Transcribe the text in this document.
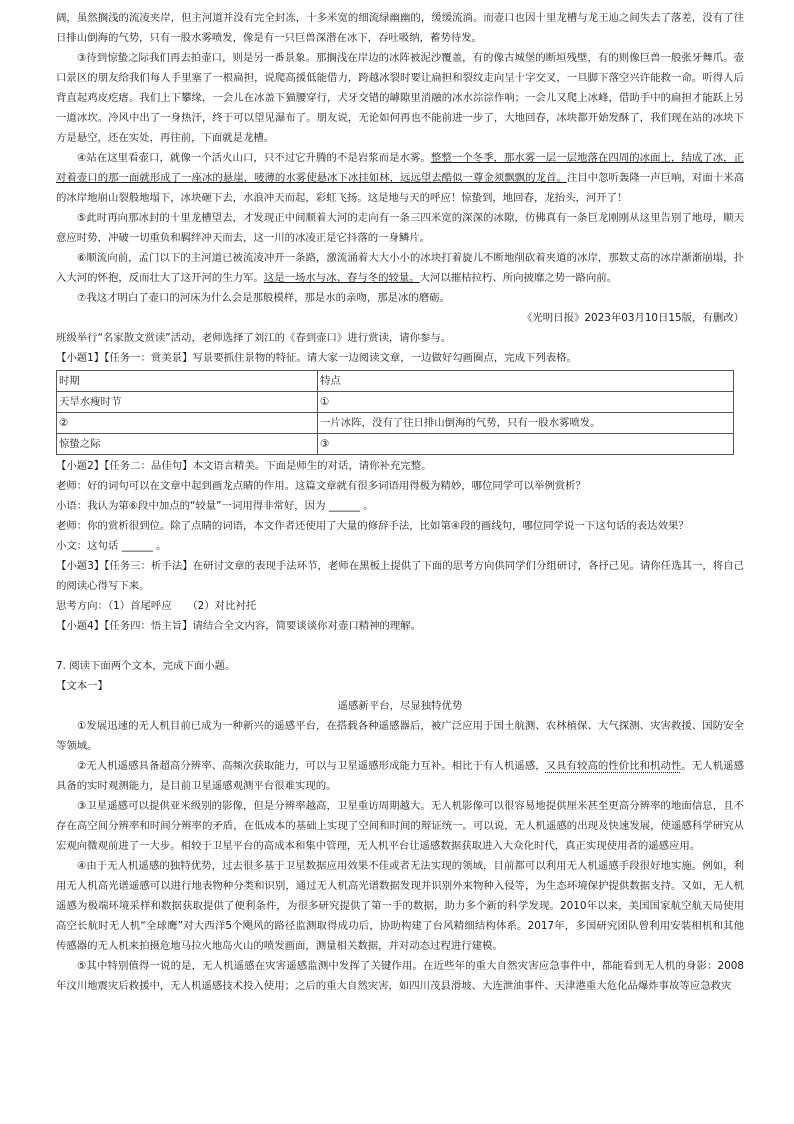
阔，虽然搁浅的流凌夹岸，但主河道并没有完全封冻，十多米宽的细流绿幽幽的，缓缓流淌。而壶口也因十里龙槽与龙王辿之间失去了落差，没有了往日排山倒海的气势，只有一股水雾喷发，像是有一只巨兽深潜在冰下，吞吐吸纳，蓄势待发。

③待到惊蛰之际我们再去拍壶口，则是另一番景象。那搁浅在岸边的冰阵被泥沙覆盖，有的像古城堡的断垣残壁，有的则像巨兽一般张牙舞爪。壶口景区的朋友给我们每人手里塞了一根扁担，说爬高援低能借力，跨越冰裂时要让扁担和裂纹走向呈十字交叉，一旦脚下落空兴许能救一命。听得人后背直起鸡皮疙瘩。我们上下攀缘，一会儿在冰盖下猫腰穿行，犬牙交错的罅隙里消融的冰水淙淙作响；一会儿又爬上冰峰，借助手中的扁担才能跃上另一道冰坎。冷风中出了一身热汗，终于可以望见瀑布了。朋友说，无论如何再也不能前进一步了，大地回春，冰块都开始发酥了，我们现在站的冰块下方是悬空，还在实处，再往前，下面就是龙槽。

④站在这里看壶口，就像一个活火山口，只不过它升腾的不是岩浆而是水雾。整整一个冬季，那水雾一层一层地落在四周的冰面上，结成了冰，正对着壶口的那一面就形成了一座冰的悬崖，唛薄的水雾使悬冰下冰挂如林，远远望去酷似一尊金须飘飘的龙首。注目中忽听轰隆一声巨响，对面十米高的冰岸地崩山裂般地塌下，冰块砸下去，水浪冲天而起，彩虹飞扬。这是地与天的呼应！惊蛰到，地回春，龙抬头，河开了！

⑤此时再向那冰封的十里龙槽望去，才发现正中间顺着大河的走向有一条三四米宽的深深的冰隙，仿佛真有一条巨龙刚刚从这里告别了地母，顺天意应时势，冲破一切重负和羁绊冲天而去，这一川的冰凌正是它抖落的一身鳞片。

⑥顺流向前，孟门以下的主河道已被流凌冲开一条路，激流涌着大大小小的冰块打着旋儿不断地削砍着夹道的冰岸，那数丈高的冰岸渐渐崩塌，扑入大河的怀抱，反而壮大了这开河的生力军。这是一场水与冰、春与冬的较量。大河以摧枯拉朽、所向披靡之势一路向前。

⑦我这才明白了壶口的河床为什么会是那般模样，那是水的亲吻，那是冰的磨砺。

《光明日报》2023年03月10日15版，有删改）

班级举行“名家散文赏读”活动，老师选择了刘江的《春到壶口》进行赏读，请你参与。

【小题1】【任务一：赏美景】写景要抓住景物的特征。请大家一边阅读文章，一边做好勾画圈点，完成下列表格。

时期	特点
天旱水瘦时节	①
②	一片冰阵，没有了往日排山倒海的气势，只有一股水雾喷发。
惊蛰之际	③

【小题2】【任务二：品佳句】本文语言精美。下面是师生的对话，请你补充完整。

老师：好的词句可以在文章中起到画龙点睛的作用。这篇文章就有很多词语用得极为精妙，哪位同学可以举例赏析？

小语：我认为第⑥段中加点的“较量”一词用得非常好，因为 ______ 。

老师：你的赏析很到位。除了点睛的词语，本文作者还使用了大量的修辞手法，比如第④段的画线句，哪位同学说一下这句话的表达效果？

小文：这句话 ______ 。

【小题3】【任务三：析手法】在研讨文章的表现手法环节，老师在黑板上提供了下面的思考方向供同学们分组研讨，各抒己见。请你任选其一，将自己的阅读心得写下来。

思考方向：（1）首尾呼应　　（2）对比衬托

【小题4】【任务四：悟主旨】请结合全文内容，简要谈谈你对壶口精神的理解。

7. 阅读下面两个文本，完成下面小题。

【文本一】

遥感新平台，尽显独特优势

①发展迅速的无人机目前已成为一种新兴的遥感平台，在搭载各种遥感器后，被广泛应用于国土航测、农林植保、大气探测、灾害救援、国防安全等领域。

②无人机遥感具备超高分辨率、高频次获取能力，可以与卫星遥感形成能力互补。相比于有人机遥感，又具有较高的性价比和机动性。无人机遥感具备的实时观测能力，是目前卫星遥感观测平台很难实现的。

③卫星遥感可以提供亚米级别的影像，但是分辨率越高，卫星重访周期越大。无人机影像可以很容易地提供厘米甚至更高分辨率的地面信息，且不存在高空间分辨率和时间分辨率的矛盾，在低成本的基础上实现了空间和时间的辩证统一。可以说，无人机遥感的出现及快速发展，使遥感科学研究从宏观向微观前进了一大步。相较于卫星平台的高成本和集中管理，无人机平台让遥感数据获取进入大众化时代，真正实现使用者的遥感应用。

④由于无人机遥感的独特优势，过去很多基于卫星数据应用效果不佳或者无法实现的领域，目前都可以利用无人机遥感手段很好地实施。例如，利用无人机高光谱遥感可以进行地表物种分类和识别，通过无人机高光谱数据发现并识别外来物种入侵等，为生态环境保护提供数据支持。又如，无人机遥感为极端环境采样和数据获取提供了便利条件，为很多研究提供了第一手的数据，助力多个新的科学发现。2010年以来，美国国家航空航天局使用高空长航时无人机“全球鹰”对大西洋5个飓风的路径监测取得成功后，协助构建了台风精细结构体系。2017年，多国研究团队曾利用安装相机和其他传感器的无人机来拍摄危地马拉火地岛火山的喷发画面，测量相关数据，并对动态过程进行建模。

⑤其中特别值得一说的是，无人机遥感在灾害遥感监测中发挥了关键作用。在近些年的重大自然灾害应急事件中，都能看到无人机的身影：2008年汶川地震灾后救援中，无人机遥感技术投入使用；之后的重大自然灾害，如四川茂县滑坡、大连泄油事件、天津港重大危化品爆炸事故等应急救灾
